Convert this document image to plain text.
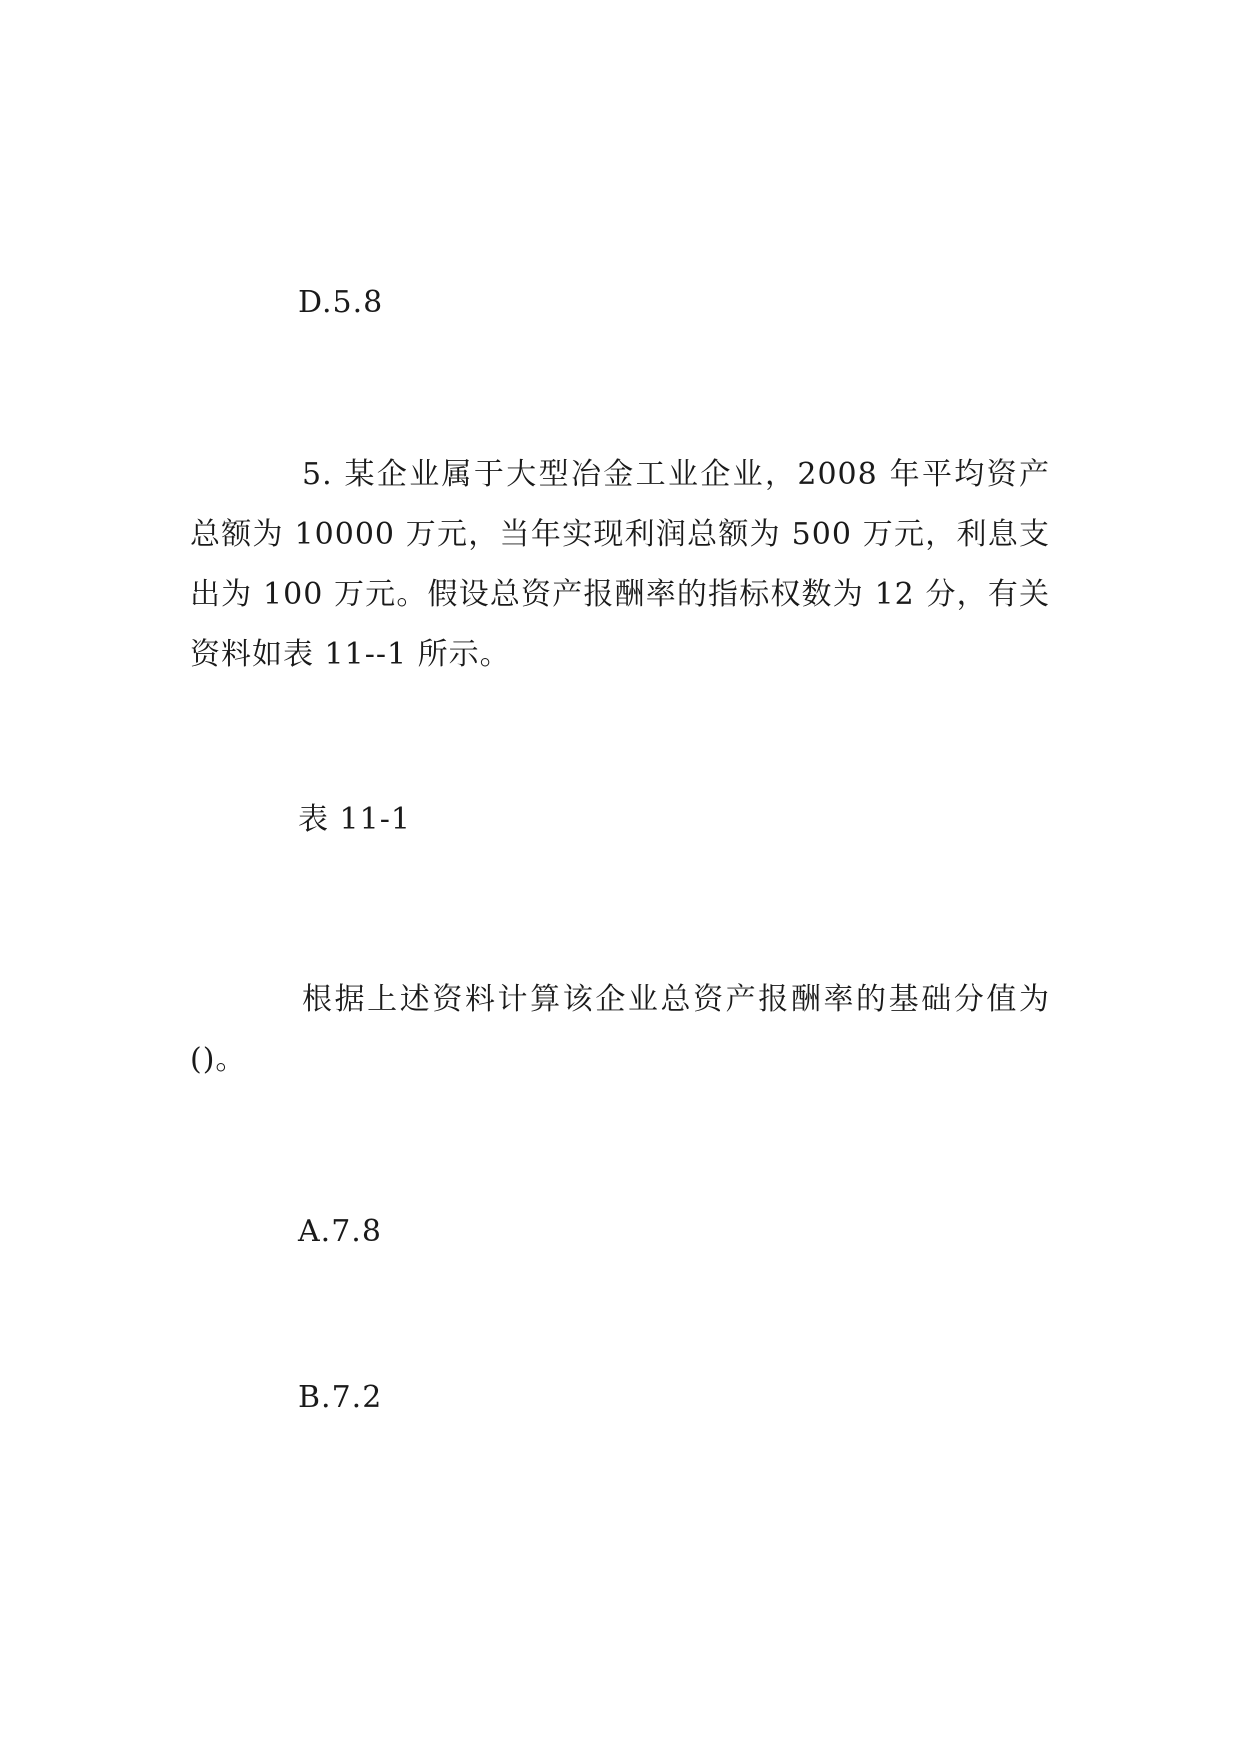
D.5.8
5. 某企业属于大型冶金工业企业，2008 年平均资产总额为 10000 万元，当年实现利润总额为 500 万元，利息支出为 100 万元。假设总资产报酬率的指标权数为 12 分，有关资料如表 11--1 所示。
表 11-1
根据上述资料计算该企业总资产报酬率的基础分值为()。
A.7.8
B.7.2
